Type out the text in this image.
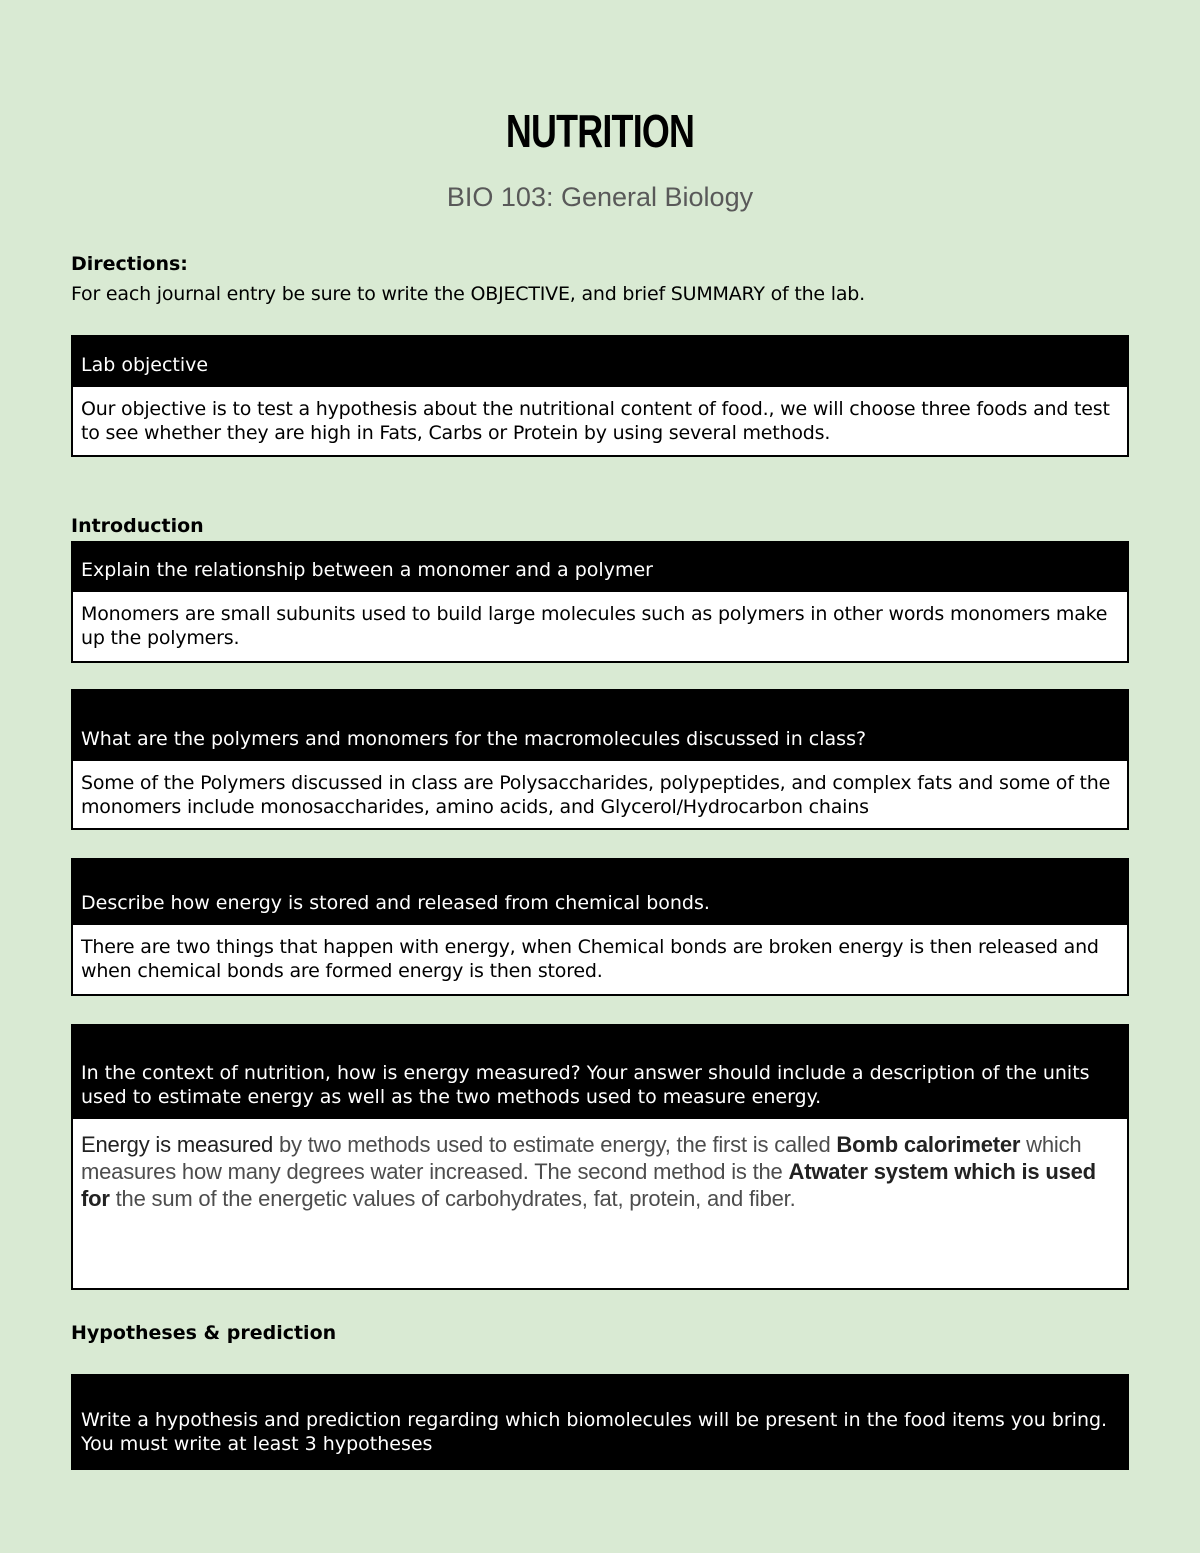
NUTRITION
BIO 103: General Biology
Directions:
For each journal entry be sure to write the OBJECTIVE, and brief SUMMARY of the lab.
Lab objective
Our objective is to test a hypothesis about the nutritional content of food., we will choose three foods and test to see whether they are high in Fats, Carbs or Protein by using several methods.
Introduction
Explain the relationship between a monomer and a polymer
Monomers are small subunits used to build large molecules such as polymers in other words monomers make up the polymers.
What are the polymers and monomers for the macromolecules discussed in class?
Some of the Polymers discussed in class are Polysaccharides, polypeptides, and complex fats and some of the monomers include monosaccharides, amino acids, and Glycerol/Hydrocarbon chains
Describe how energy is stored and released from chemical bonds.
There are two things that happen with energy, when Chemical bonds are broken energy is then released and when chemical bonds are formed energy is then stored.
In the context of nutrition, how is energy measured? Your answer should include a description of the units used to estimate energy as well as the two methods used to measure energy.
Energy is measured by two methods used to estimate energy, the first is called Bomb calorimeter which measures how many degrees water increased. The second method is the Atwater system which is used for the sum of the energetic values of carbohydrates, fat, protein, and fiber.
Hypotheses & prediction
Write a hypothesis and prediction regarding which biomolecules will be present in the food items you bring. You must write at least 3 hypotheses
